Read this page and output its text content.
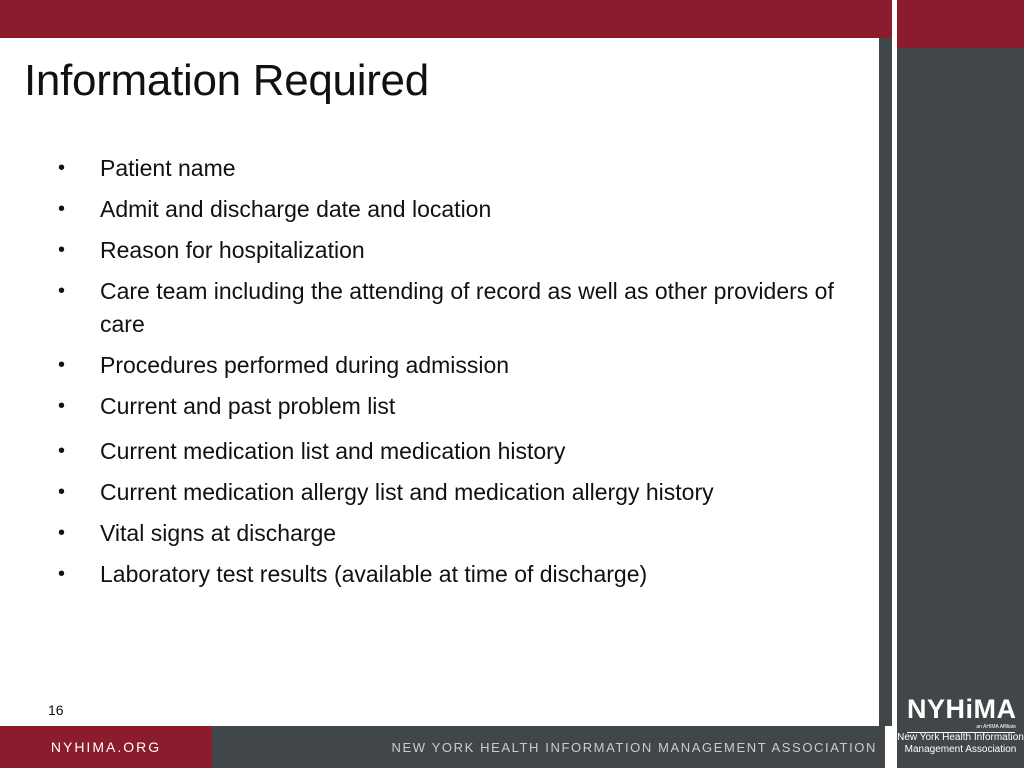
Information Required
• Patient name
• Admit and discharge date and location
• Reason for hospitalization
• Care team including the attending of record as well as other providers of care
• Procedures performed during admission
• Current and past problem list
• Current medication list and medication history
• Current medication allergy list and medication allergy history
• Vital signs at discharge
• Laboratory test results (available at time of discharge)
16
NYHIMA.ORG	NEW YORK HEALTH INFORMATION MANAGEMENT ASSOCIATION
NYHiMA
an AHIMA Affiliate
New York Health Information
Management Association
